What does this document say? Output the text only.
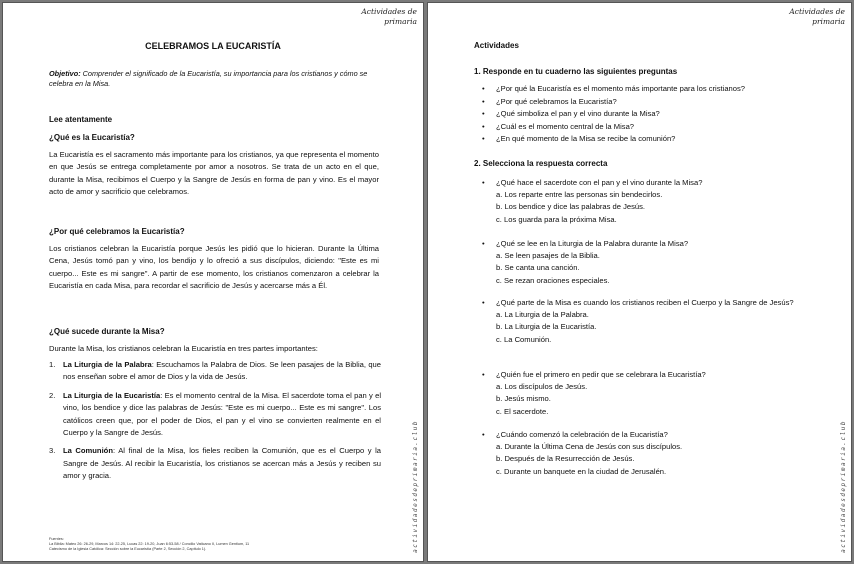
Actividades de
primaria
CELEBRAMOS LA EUCARISTÍA
Objetivo: Comprender el significado de la Eucaristía, su importancia para los cristianos y cómo se celebra en la Misa.
Lee atentamente
¿Qué es la Eucaristía?
La Eucaristía es el sacramento más importante para los cristianos, ya que representa el momento en que Jesús se entrega completamente por amor a nosotros. Se trata de un acto en el que, durante la Misa, recibimos el Cuerpo y la Sangre de Jesús en forma de pan y vino. Es el mayor acto de amor y sacrificio que celebramos.
¿Por qué celebramos la Eucaristía?
Los cristianos celebran la Eucaristía porque Jesús les pidió que lo hicieran. Durante la Última Cena, Jesús tomó pan y vino, los bendijo y lo ofreció a sus discípulos, diciendo: "Este es mi cuerpo... Este es mi sangre". A partir de ese momento, los cristianos comenzaron a celebrar la Eucaristía en cada Misa, para recordar el sacrificio de Jesús y acercarse más a Él.
¿Qué sucede durante la Misa?
Durante la Misa, los cristianos celebran la Eucaristía en tres partes importantes:
1. La Liturgia de la Palabra: Escuchamos la Palabra de Dios. Se leen pasajes de la Biblia, que nos enseñan sobre el amor de Dios y la vida de Jesús.
2. La Liturgia de la Eucaristía: Es el momento central de la Misa. El sacerdote toma el pan y el vino, los bendice y dice las palabras de Jesús: "Este es mi cuerpo... Este es mi sangre". Los católicos creen que, por el poder de Dios, el pan y el vino se convierten realmente en el Cuerpo y la Sangre de Jesús.
3. La Comunión: Al final de la Misa, los fieles reciben la Comunión, que es el Cuerpo y la Sangre de Jesús. Al recibir la Eucaristía, los cristianos se acercan más a Jesús y reciben su amor y gracia.
Fuentes:
La Biblia: Mateo 26: 26-29, Marcos 14: 22-25, Lucas 22: 19-20, Juan 6:53-58 / Concilio Vaticano II, Lumen Gentium, 11
Catecismo de la Iglesia Católica: Sección sobre la Eucaristía (Parte 2, Sección 2, Capítulo 1).	actividadesdeprimaria.club
Actividades de
primaria
Actividades
1. Responde en tu cuaderno las siguientes preguntas
• ¿Por qué la Eucaristía es el momento más importante para los cristianos?
• ¿Por qué celebramos la Eucaristía?
• ¿Qué simboliza el pan y el vino durante la Misa?
• ¿Cuál es el momento central de la Misa?
• ¿En qué momento de la Misa se recibe la comunión?
2. Selecciona la respuesta correcta
• ¿Qué hace el sacerdote con el pan y el vino durante la Misa?
a. Los reparte entre las personas sin bendecirlos.
b. Los bendice y dice las palabras de Jesús.
c. Los guarda para la próxima Misa.
• ¿Qué se lee en la Liturgia de la Palabra durante la Misa?
a. Se leen pasajes de la Biblia.
b. Se canta una canción.
c. Se rezan oraciones especiales.
• ¿Qué parte de la Misa es cuando los cristianos reciben el Cuerpo y la Sangre de Jesús?
a. La Liturgia de la Palabra.
b. La Liturgia de la Eucaristía.
c. La Comunión.
• ¿Quién fue el primero en pedir que se celebrara la Eucaristía?
a. Los discípulos de Jesús.
b. Jesús mismo.
c. El sacerdote.
• ¿Cuándo comenzó la celebración de la Eucaristía?
a. Durante la Última Cena de Jesús con sus discípulos.
b. Después de la Resurrección de Jesús.
c. Durante un banquete en la ciudad de Jerusalén.	actividadesdeprimaria.club
